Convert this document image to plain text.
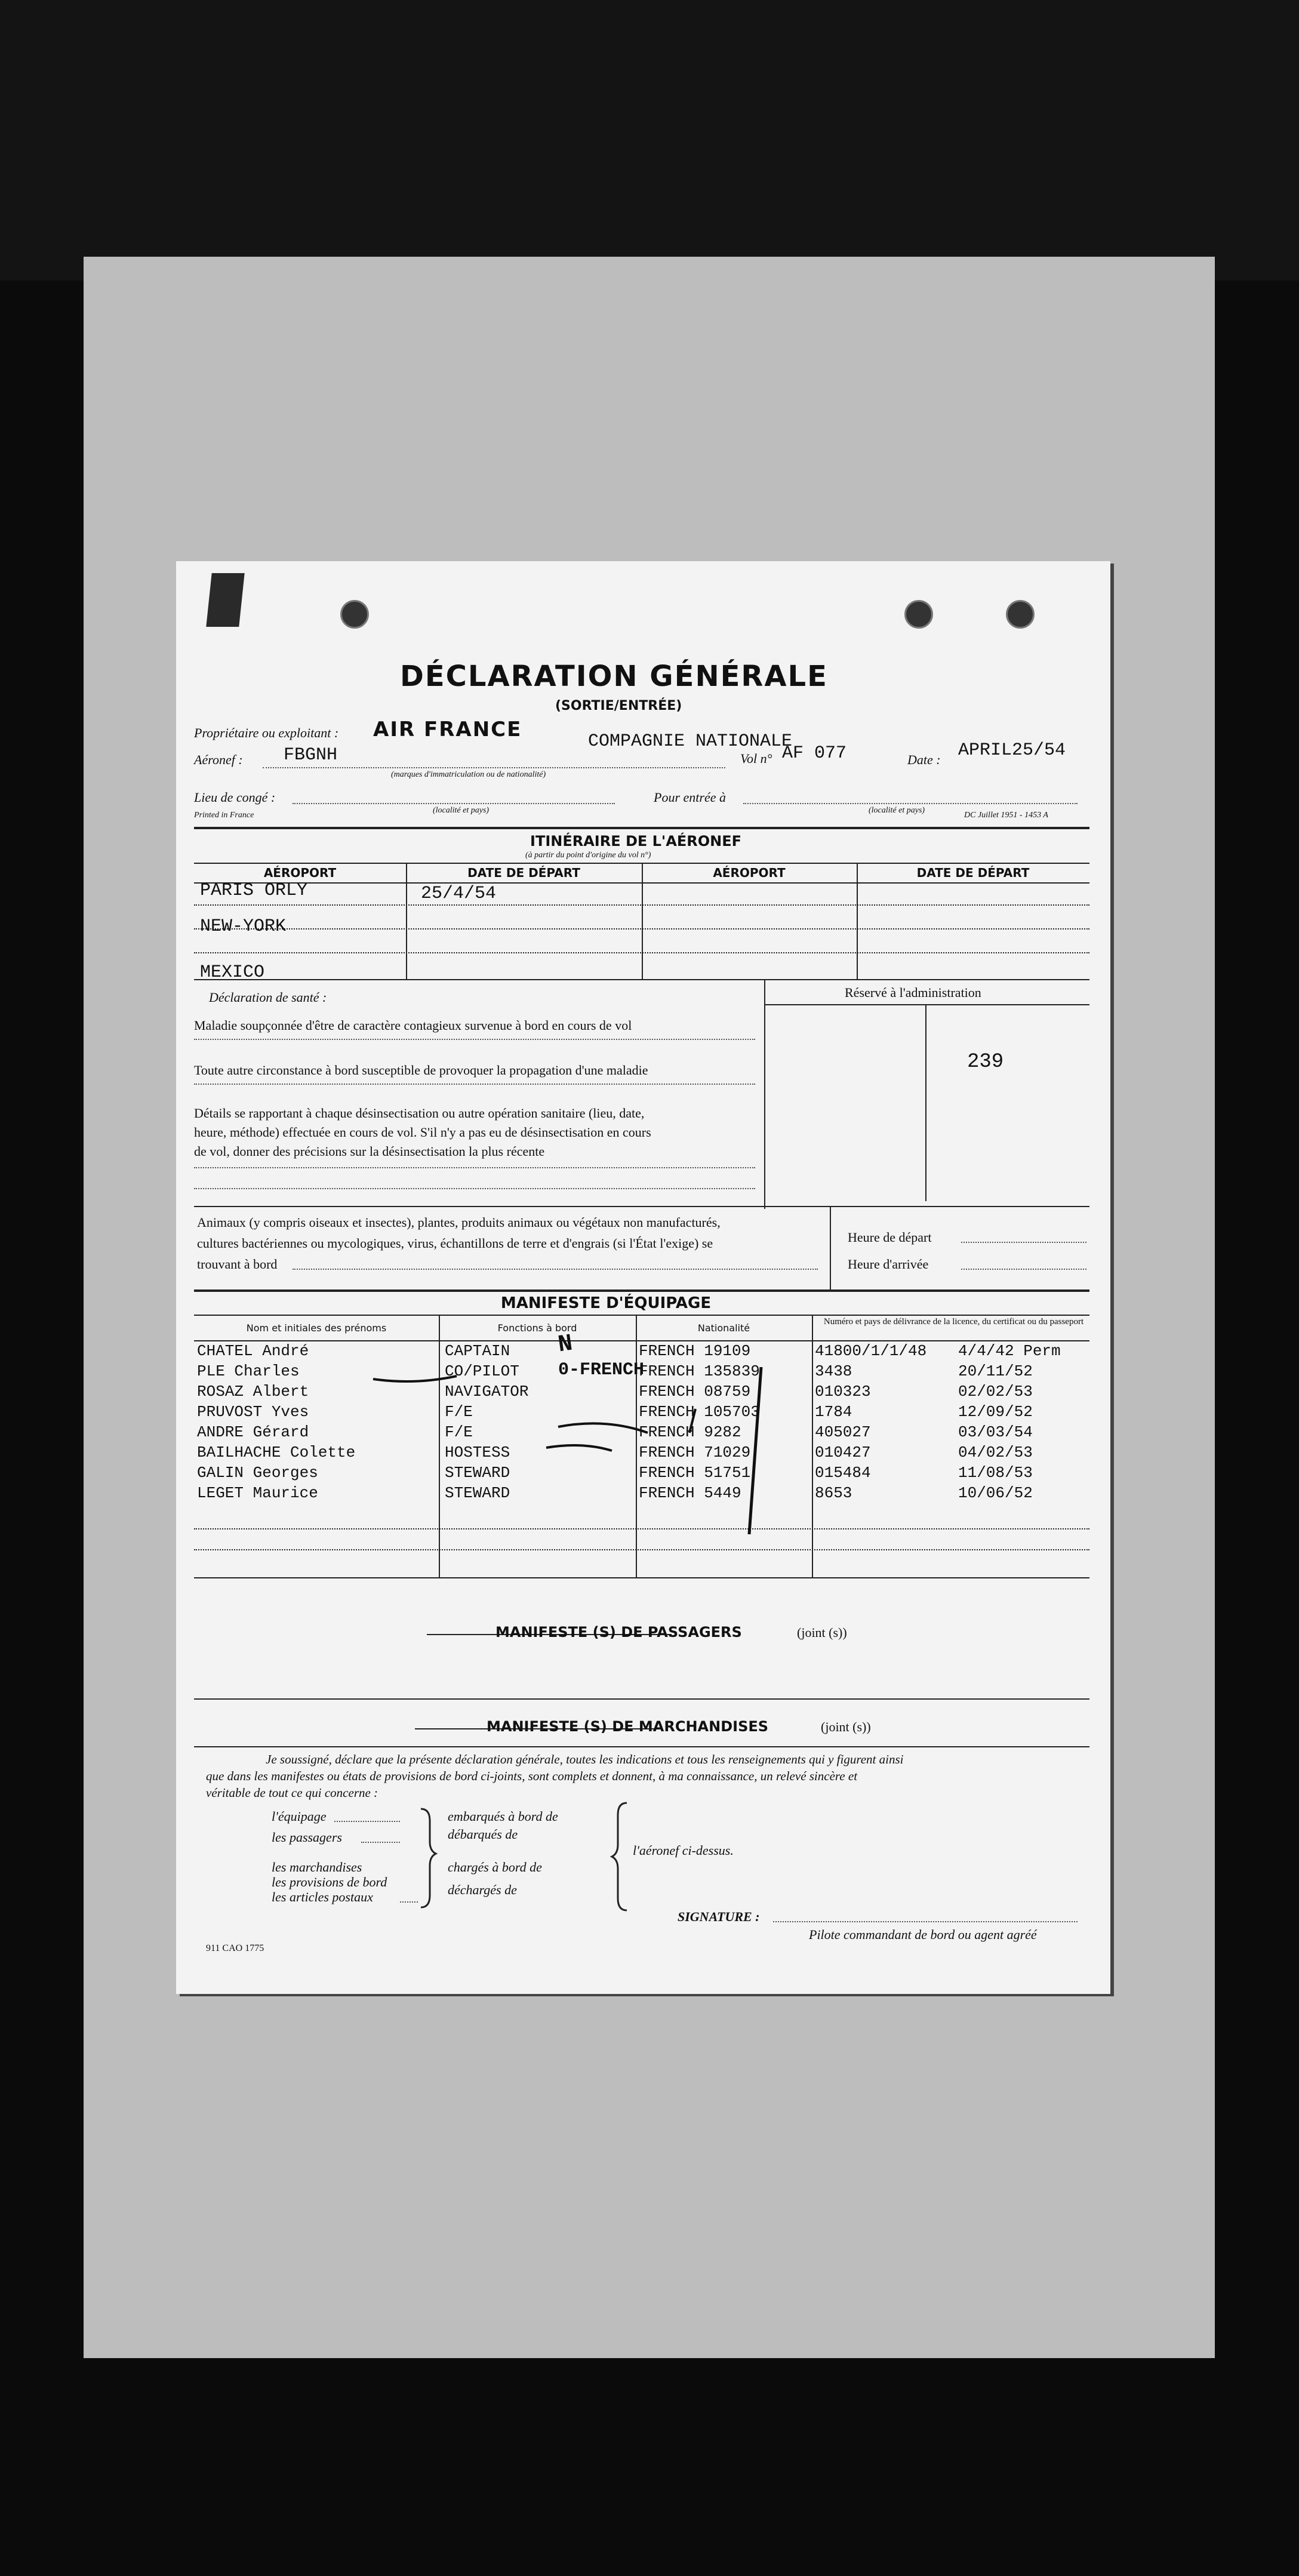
DÉCLARATION GÉNÉRALE
(SORTIE/ENTRÉE)
Propriétaire ou exploitant : AIR FRANCE	COMPAGNIE NATIONALE
Aéronef : FBGNH
(marques d'immatriculation ou de nationalité)
Vol n° AF 077	Date : APRIL25/54
Lieu de congé :	Pour entrée à
Printed in France
(localité et pays)	(localité et pays)
DC Juillet 1951 - 1453 A
ITINÉRAIRE DE L'AÉRONEF
(à partir du point d'origine du vol n°)
AÉROPORT	DATE DE DÉPART	AÉROPORT	DATE DE DÉPART
PARIS ORLY	25/4/54
NEW-YORK
MEXICO
Déclaration de santé :
Maladie soupçonnée d'être de caractère contagieux survenue à bord en cours de vol
Toute autre circonstance à bord susceptible de provoquer la propagation d'une maladie
Détails se rapportant à chaque désinsectisation ou autre opération sanitaire (lieu, date,
heure, méthode) effectuée en cours de vol. S'il n'y a pas eu de désinsectisation en cours
de vol, donner des précisions sur la désinsectisation la plus récente
Réservé à l'administration
239
Animaux (y compris oiseaux et insectes), plantes, produits animaux ou végétaux non manufacturés,
cultures bactériennes ou mycologiques, virus, échantillons de terre et d'engrais (si l'État l'exige) se
trouvant à bord
Heure de départ
Heure d'arrivée
MANIFESTE D'ÉQUIPAGE
Nom et initiales des prénoms	Fonctions à bord	Nationalité
Numéro et pays de délivrance de la licence, du certificat ou du passeport
CHATEL André	CAPTAIN	FRENCH 19109	41800/1/1/48 4/4/42 Perm
PLE Charles	CO/PILOT	FRENCH 135839	3438	20/11/52
ROSAZ Albert	NAVIGATOR	FRENCH 08759	010323	02/02/53
PRUVOST Yves	F/E	FRENCH 105703	1784	12/09/52
ANDRE Gérard	F/E	FRENCH 9282	405027	03/03/54
BAILHACHE Colette	HOSTESS	FRENCH 71029	010427	04/02/53
GALIN Georges	STEWARD	FRENCH 51751	015484	11/08/53
LEGET Maurice	STEWARD	FRENCH 5449	8653	10/06/52
N
0-FRENCH
MANIFESTE (S) DE PASSAGERS	(joint (s))
MANIFESTE (S) DE MARCHANDISES	(joint (s))
Je soussigné, déclare que la présente déclaration générale, toutes les indications et tous les renseignements qui y figurent ainsi
que dans les manifestes ou états de provisions de bord ci-joints, sont complets et donnent, à ma connaissance, un relevé sincère et
véritable de tout ce qui concerne :
l'équipage
les passagers
les marchandises
les provisions de bord
les articles postaux
embarqués à bord de
débarqués de
chargés à bord de
déchargés de
l'aéronef ci-dessus.
SIGNATURE :
Pilote commandant de bord ou agent agréé
911 CAO 1775
